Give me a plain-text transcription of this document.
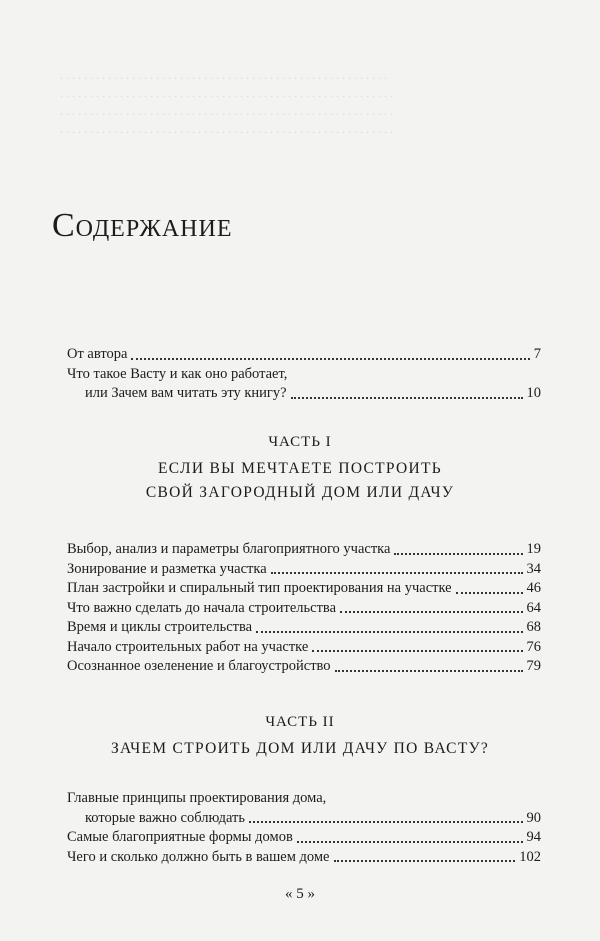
. . . . . . . . . . . . . . . . . . . . . . . . . . . . . . . . . . . . . . . . . . . . . . . . . . . . . . .
. . . . . . . . . . . . . . . . . . . . . . . . . . . . . . . . . . . . . . . . . . . . . . . . . . . . . . . .
. . . . . . . . . . . . . . . . . . . . . . . . . . . . . . . . . . . . . . . . . . . . . . . . . . . . . . . .
. . . . . . . . . . . . . . . . . . . . . . . . . . . . . . . . . . . . . . . . . . . . . . . . . . . . . . . .
Содержание
От автора	7
Что такое Васту и как оно работает,
или Зачем вам читать эту книгу?	10
ЧАСТЬ I
ЕСЛИ ВЫ МЕЧТАЕТЕ ПОСТРОИТЬ
СВОЙ ЗАГОРОДНЫЙ ДОМ ИЛИ ДАЧУ
Выбор, анализ и параметры благоприятного участка	19
Зонирование и разметка участка	34
План застройки и спиральный тип проектирования на участке	46
Что важно сделать до начала строительства	64
Время и циклы строительства	68
Начало строительных работ на участке	76
Осознанное озеленение и благоустройство	79
ЧАСТЬ II
ЗАЧЕМ СТРОИТЬ ДОМ ИЛИ ДАЧУ ПО ВАСТУ?
Главные принципы проектирования дома,
которые важно соблюдать	90
Самые благоприятные формы домов	94
Чего и сколько должно быть в вашем доме	102
« 5 »
